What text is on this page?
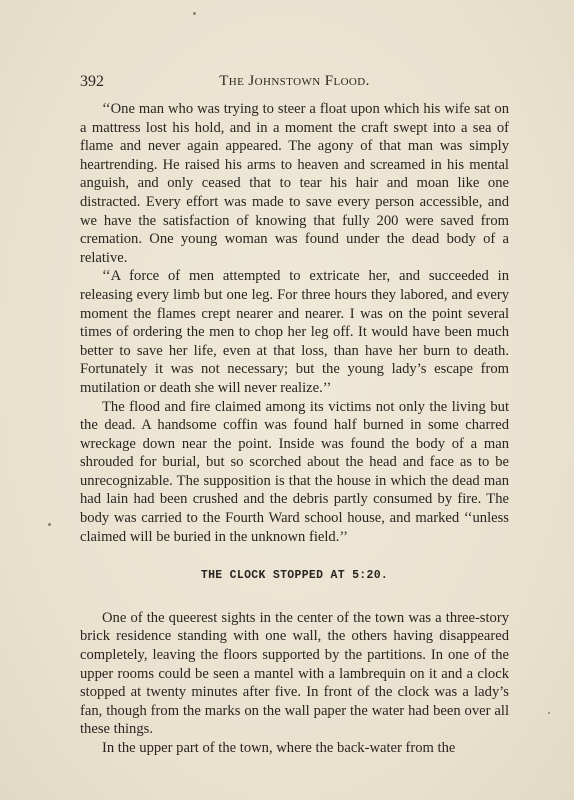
392	The Johnstown Flood.

‘‘One man who was trying to steer a float upon which his wife sat on a mattress lost his hold, and in a moment the craft swept into a sea of flame and never again appeared. The agony of that man was simply heartrending. He raised his arms to heaven and screamed in his mental anguish, and only ceased that to tear his hair and moan like one distracted. Every effort was made to save every person accessible, and we have the satisfaction of knowing that fully 200 were saved from cremation. One young woman was found under the dead body of a relative.

‘‘A force of men attempted to extricate her, and succeeded in releasing every limb but one leg. For three hours they labored, and every moment the flames crept nearer and nearer. I was on the point several times of ordering the men to chop her leg off. It would have been much better to save her life, even at that loss, than have her burn to death. Fortunately it was not necessary; but the young lady’s escape from mutilation or death she will never realize.’’

The flood and fire claimed among its victims not only the living but the dead. A handsome coffin was found half burned in some charred wreckage down near the point. Inside was found the body of a man shrouded for burial, but so scorched about the head and face as to be unrecognizable. The supposition is that the house in which the dead man had lain had been crushed and the debris partly consumed by fire. The body was carried to the Fourth Ward school house, and marked ‘‘unless claimed will be buried in the unknown field.’’

THE CLOCK STOPPED AT 5:20.

One of the queerest sights in the center of the town was a three-story brick residence standing with one wall, the others having disappeared completely, leaving the floors supported by the partitions. In one of the upper rooms could be seen a mantel with a lambrequin on it and a clock stopped at twenty minutes after five. In front of the clock was a lady’s fan, though from the marks on the wall paper the water had been over all these things.

In the upper part of the town, where the back-water from the
